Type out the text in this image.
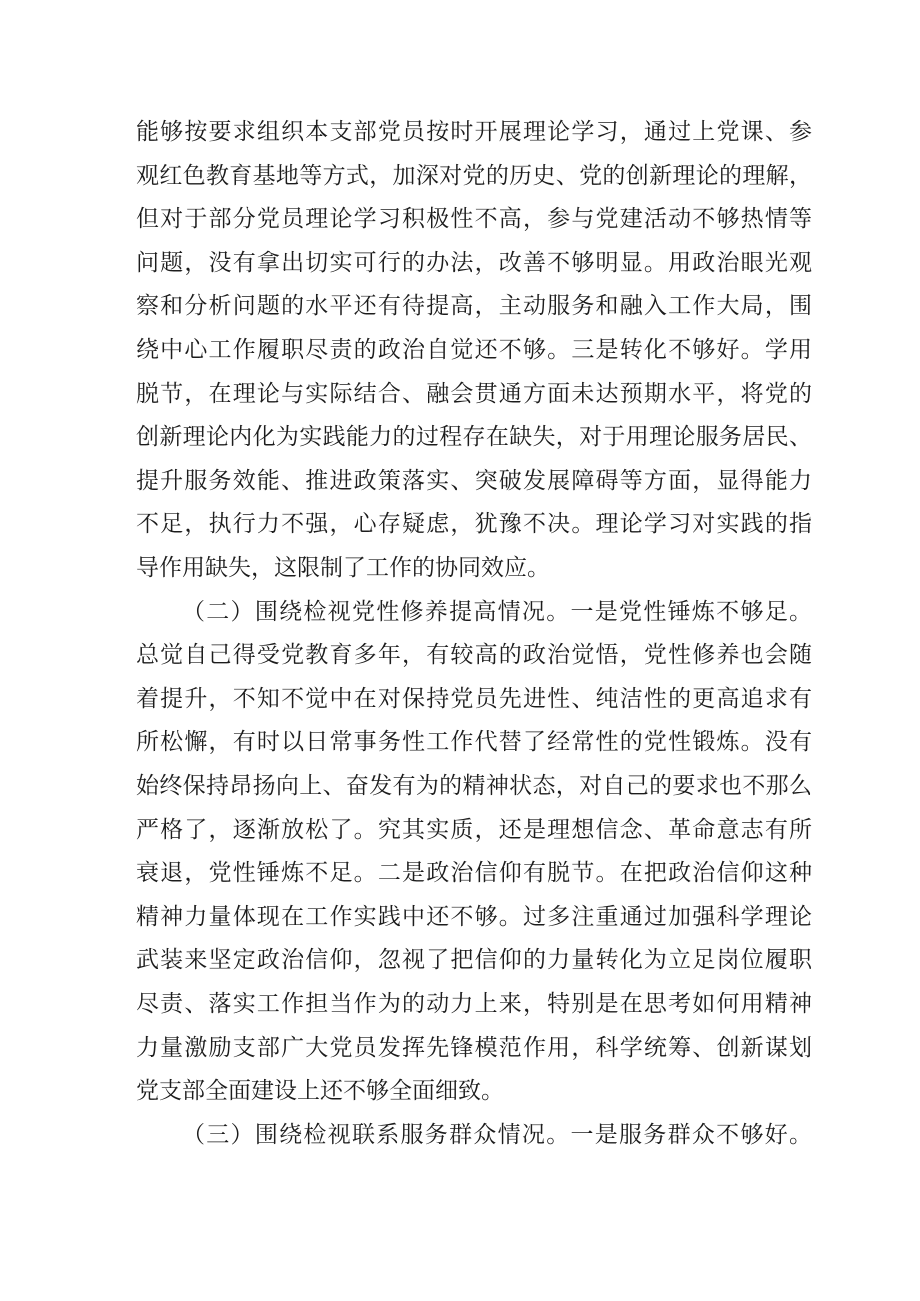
能够按要求组织本支部党员按时开展理论学习，通过上党课、参
观红色教育基地等方式，加深对党的历史、党的创新理论的理解，
但对于部分党员理论学习积极性不高，参与党建活动不够热情等
问题，没有拿出切实可行的办法，改善不够明显。用政治眼光观
察和分析问题的水平还有待提高，主动服务和融入工作大局，围
绕中心工作履职尽责的政治自觉还不够。三是转化不够好。学用
脱节，在理论与实际结合、融会贯通方面未达预期水平，将党的
创新理论内化为实践能力的过程存在缺失，对于用理论服务居民、
提升服务效能、推进政策落实、突破发展障碍等方面，显得能力
不足，执行力不强，心存疑虑，犹豫不决。理论学习对实践的指
导作用缺失，这限制了工作的协同效应。
（二）围绕检视党性修养提高情况。一是党性锤炼不够足。
总觉自己得受党教育多年，有较高的政治觉悟，党性修养也会随
着提升，不知不觉中在对保持党员先进性、纯洁性的更高追求有
所松懈，有时以日常事务性工作代替了经常性的党性锻炼。没有
始终保持昂扬向上、奋发有为的精神状态，对自己的要求也不那么
严格了，逐渐放松了。究其实质，还是理想信念、革命意志有所
衰退，党性锤炼不足。二是政治信仰有脱节。在把政治信仰这种
精神力量体现在工作实践中还不够。过多注重通过加强科学理论
武装来坚定政治信仰，忽视了把信仰的力量转化为立足岗位履职
尽责、落实工作担当作为的动力上来，特别是在思考如何用精神
力量激励支部广大党员发挥先锋模范作用，科学统筹、创新谋划
党支部全面建设上还不够全面细致。
（三）围绕检视联系服务群众情况。一是服务群众不够好。
